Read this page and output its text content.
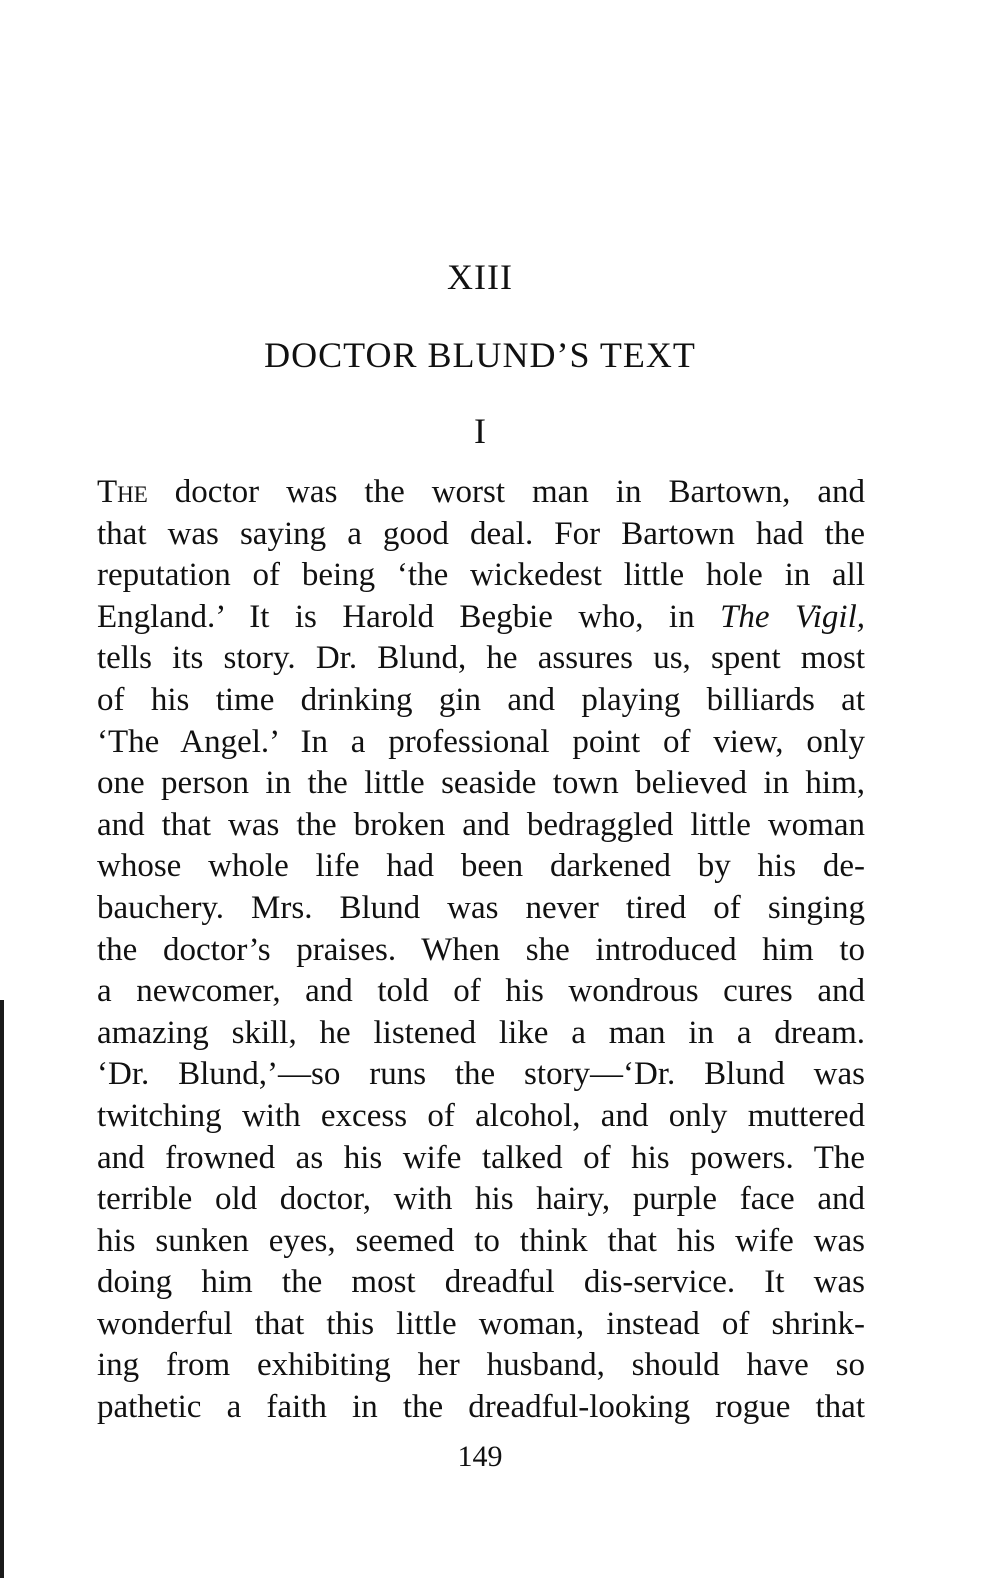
XIII
DOCTOR BLUND’S TEXT
I
The doctor was the worst man in Bartown, and
that was saying a good deal. For Bartown had the
reputation of being ‘the wickedest little hole in all
England.’ It is Harold Begbie who, in The Vigil,
tells its story. Dr. Blund, he assures us, spent most
of his time drinking gin and playing billiards at
‘The Angel.’ In a professional point of view, only
one person in the little seaside town believed in him,
and that was the broken and bedraggled little woman
whose whole life had been darkened by his de-
bauchery. Mrs. Blund was never tired of singing
the doctor’s praises. When she introduced him to
a newcomer, and told of his wondrous cures and
amazing skill, he listened like a man in a dream.
‘Dr. Blund,’—so runs the story—‘Dr. Blund was
twitching with excess of alcohol, and only muttered
and frowned as his wife talked of his powers. The
terrible old doctor, with his hairy, purple face and
his sunken eyes, seemed to think that his wife was
doing him the most dreadful dis-service. It was
wonderful that this little woman, instead of shrink-
ing from exhibiting her husband, should have so
pathetic a faith in the dreadful-looking rogue that
149
